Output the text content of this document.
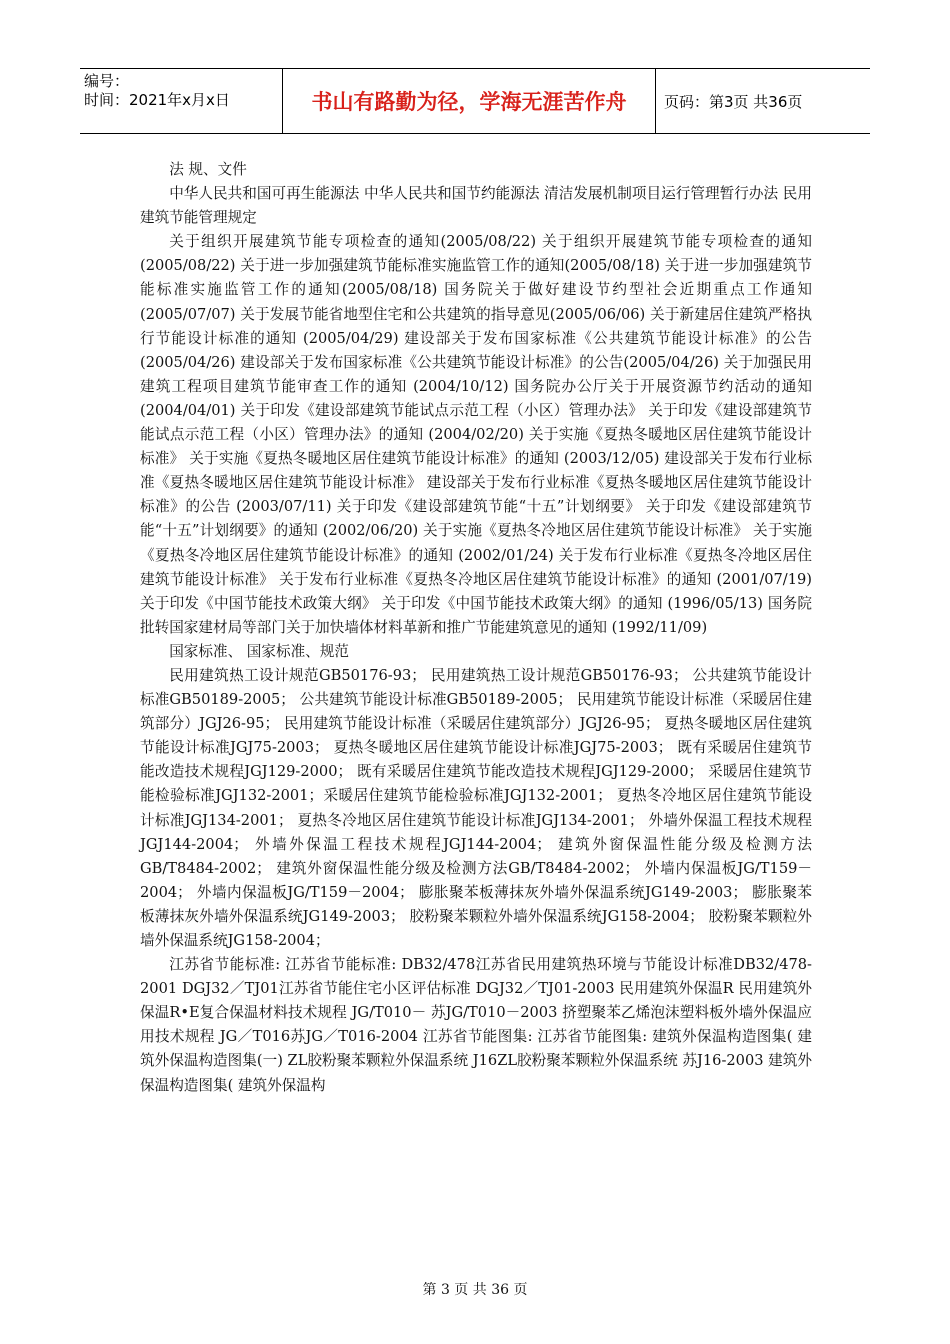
编号：
时间：2021年x月x日	书山有路勤为径，学海无涯苦作舟	页码：第3页 共36页

法 规、文件

中华人民共和国可再生能源法 中华人民共和国节约能源法 清洁发展机制项目运行管理暂行办法 民用建筑节能管理规定

关于组织开展建筑节能专项检查的通知(2005/08/22) 关于组织开展建筑节能专项检查的通知(2005/08/22) 关于进一步加强建筑节能标准实施监管工作的通知(2005/08/18) 关于进一步加强建筑节能标准实施监管工作的通知(2005/08/18) 国务院关于做好建设节约型社会近期重点工作通知 (2005/07/07) 关于发展节能省地型住宅和公共建筑的指导意见(2005/06/06) 关于新建居住建筑严格执行节能设计标准的通知 (2005/04/29) 建设部关于发布国家标准《公共建筑节能设计标准》的公告(2005/04/26) 建设部关于发布国家标准《公共建筑节能设计标准》的公告(2005/04/26) 关于加强民用建筑工程项目建筑节能审查工作的通知 (2004/10/12) 国务院办公厅关于开展资源节约活动的通知 (2004/04/01) 关于印发《建设部建筑节能试点示范工程（小区）管理办法》 关于印发《建设部建筑节能试点示范工程（小区）管理办法》的通知 (2004/02/20) 关于实施《夏热冬暖地区居住建筑节能设计标准》 关于实施《夏热冬暖地区居住建筑节能设计标准》的通知 (2003/12/05) 建设部关于发布行业标准《夏热冬暖地区居住建筑节能设计标准》 建设部关于发布行业标准《夏热冬暖地区居住建筑节能设计标准》的公告 (2003/07/11) 关于印发《建设部建筑节能“十五”计划纲要》 关于印发《建设部建筑节能“十五”计划纲要》的通知 (2002/06/20) 关于实施《夏热冬冷地区居住建筑节能设计标准》 关于实施《夏热冬冷地区居住建筑节能设计标准》的通知 (2002/01/24) 关于发布行业标准《夏热冬冷地区居住建筑节能设计标准》 关于发布行业标准《夏热冬冷地区居住建筑节能设计标准》的通知 (2001/07/19) 关于印发《中国节能技术政策大纲》 关于印发《中国节能技术政策大纲》的通知 (1996/05/13) 国务院批转国家建材局等部门关于加快墙体材料革新和推广节能建筑意见的通知 (1992/11/09)

国家标准、 国家标准、规范

民用建筑热工设计规范GB50176-93； 民用建筑热工设计规范GB50176-93； 公共建筑节能设计标准GB50189-2005； 公共建筑节能设计标准GB50189-2005； 民用建筑节能设计标准（采暖居住建筑部分）JGJ26-95； 民用建筑节能设计标准（采暖居住建筑部分）JGJ26-95； 夏热冬暖地区居住建筑节能设计标准JGJ75-2003； 夏热冬暖地区居住建筑节能设计标准JGJ75-2003； 既有采暖居住建筑节能改造技术规程JGJ129-2000； 既有采暖居住建筑节能改造技术规程JGJ129-2000； 采暖居住建筑节能检验标准JGJ132-2001；采暖居住建筑节能检验标准JGJ132-2001； 夏热冬冷地区居住建筑节能设计标准JGJ134-2001； 夏热冬冷地区居住建筑节能设计标准JGJ134-2001； 外墙外保温工程技术规程JGJ144-2004； 外墙外保温工程技术规程JGJ144-2004； 建筑外窗保温性能分级及检测方法GB/T8484-2002； 建筑外窗保温性能分级及检测方法GB/T8484-2002； 外墙内保温板JG/T159－2004； 外墙内保温板JG/T159－2004； 膨胀聚苯板薄抹灰外墙外保温系统JG149-2003； 膨胀聚苯板薄抹灰外墙外保温系统JG149-2003； 胶粉聚苯颗粒外墙外保温系统JG158-2004； 胶粉聚苯颗粒外墙外保温系统JG158-2004；

江苏省节能标准: 江苏省节能标准: DB32/478江苏省民用建筑热环境与节能设计标准DB32/478-2001 DGJ32／TJ01江苏省节能住宅小区评估标准 DGJ32／TJ01-2003 民用建筑外保温R 民用建筑外保温R•E复合保温材料技术规程 JG/T010－ 苏JG/T010－2003 挤塑聚苯乙烯泡沫塑料板外墙外保温应用技术规程 JG／T016苏JG／T016-2004 江苏省节能图集: 江苏省节能图集: 建筑外保温构造图集( 建筑外保温构造图集(一) ZL胶粉聚苯颗粒外保温系统 J16ZL胶粉聚苯颗粒外保温系统 苏J16-2003 建筑外保温构造图集( 建筑外保温构

第 3 页 共 36 页
